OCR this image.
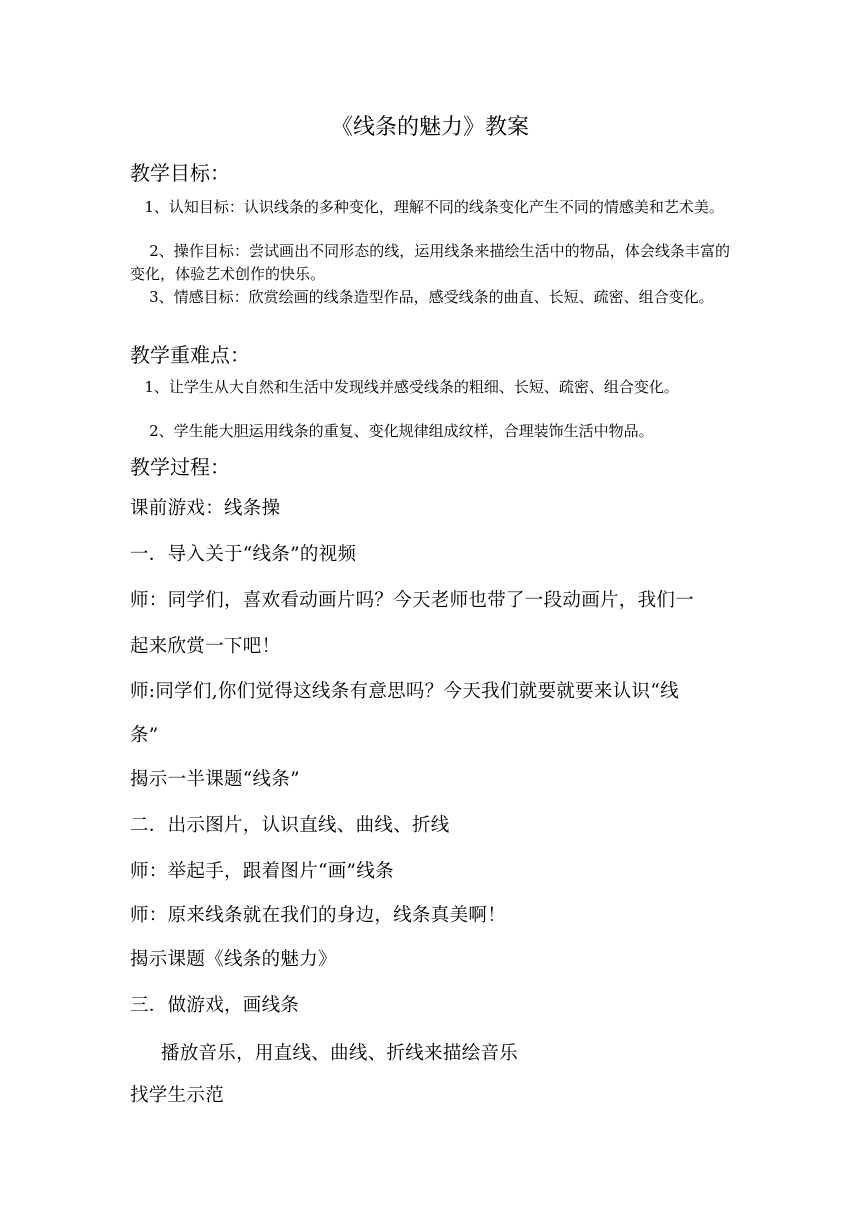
《线条的魅力》教案
教学目标：
1、认知目标：认识线条的多种变化，理解不同的线条变化产生不同的情感美和艺术美。
2、操作目标：尝试画出不同形态的线，运用线条来描绘生活中的物品，体会线条丰富的变化，体验艺术创作的快乐。
3、情感目标：欣赏绘画的线条造型作品，感受线条的曲直、长短、疏密、组合变化。
教学重难点：
1、让学生从大自然和生活中发现线并感受线条的粗细、长短、疏密、组合变化。
2、学生能大胆运用线条的重复、变化规律组成纹样，合理装饰生活中物品。
教学过程：
课前游戏：线条操
一．导入关于“线条”的视频
师：同学们，喜欢看动画片吗？今天老师也带了一段动画片，我们一
起来欣赏一下吧！
师:同学们,你们觉得这线条有意思吗？今天我们就要就要来认识“线
条”
揭示一半课题“线条”
二．出示图片，认识直线、曲线、折线
师：举起手，跟着图片“画”线条
师：原来线条就在我们的身边，线条真美啊！
揭示课题《线条的魅力》
三．做游戏，画线条
播放音乐，用直线、曲线、折线来描绘音乐
找学生示范
